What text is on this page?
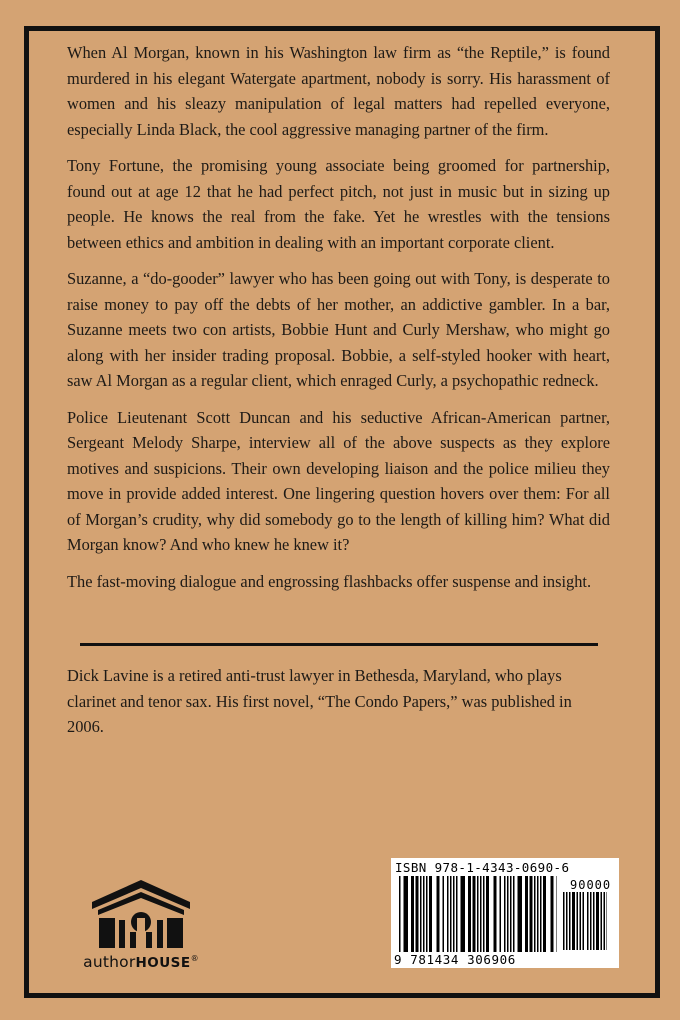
When Al Morgan, known in his Washington law firm as “the Reptile,” is found murdered in his elegant Watergate apartment, nobody is sorry. His harassment of women and his sleazy manipulation of legal matters had repelled everyone, especially Linda Black, the cool aggressive managing partner of the firm.

Tony Fortune, the promising young associate being groomed for partnership, found out at age 12 that he had perfect pitch, not just in music but in sizing up people. He knows the real from the fake. Yet he wrestles with the tensions between ethics and ambition in dealing with an important corporate client.

Suzanne, a “do-gooder” lawyer who has been going out with Tony, is desperate to raise money to pay off the debts of her mother, an addictive gambler. In a bar, Suzanne meets two con artists, Bobbie Hunt and Curly Mershaw, who might go along with her insider trading proposal. Bobbie, a self-styled hooker with heart, saw Al Morgan as a regular client, which enraged Curly, a psychopathic redneck.

Police Lieutenant Scott Duncan and his seductive African-American partner, Sergeant Melody Sharpe, interview all of the above suspects as they explore motives and suspicions. Their own developing liaison and the police milieu they move in provide added interest. One lingering question hovers over them: For all of Morgan’s crudity, why did somebody go to the length of killing him? What did Morgan know? And who knew he knew it?

The fast-moving dialogue and engrossing flashbacks offer suspense and insight.

Dick Lavine is a retired anti-trust lawyer in Bethesda, Maryland, who plays clarinet and tenor sax. His first novel, “The Condo Papers,” was published in 2006.

authorHOUSE®
ISBN 978-1-4343-0690-6
90000
9 781434 306906
